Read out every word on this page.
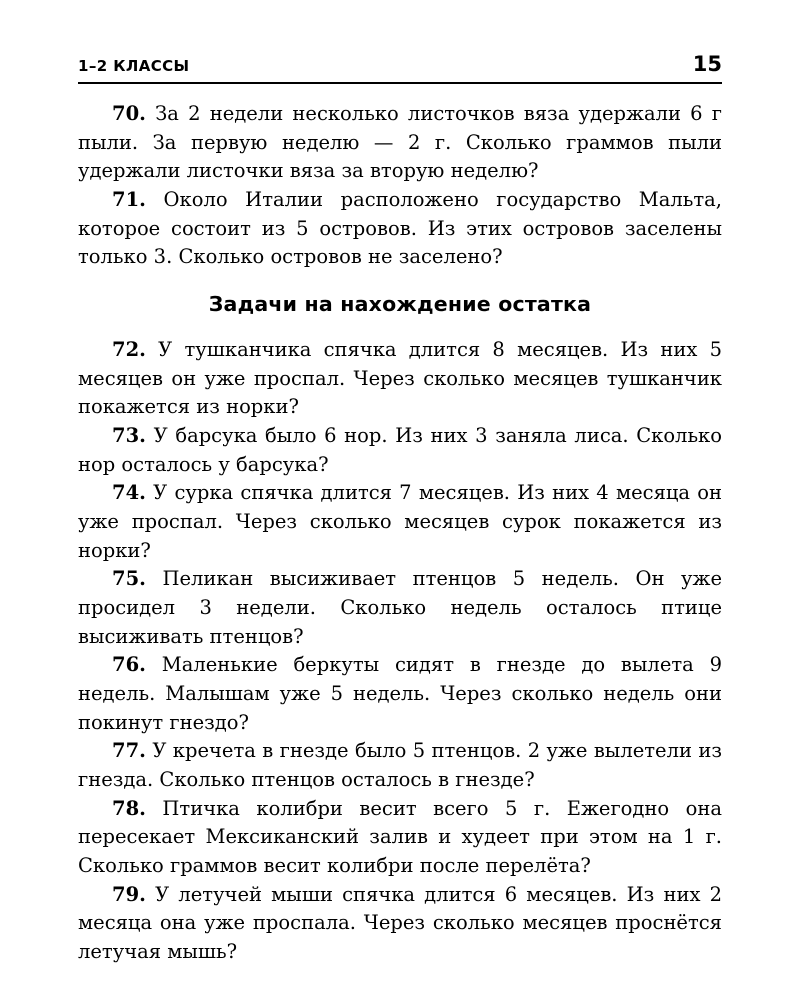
1–2 КЛАССЫ	15

70. За 2 недели несколько листочков вяза удержали 6 г пыли. За первую неделю — 2 г. Сколько граммов пыли удержали листочки вяза за вторую неделю?

71. Около Италии расположено государство Мальта, которое состоит из 5 островов. Из этих островов заселены только 3. Сколько островов не заселено?

Задачи на нахождение остатка

72. У тушканчика спячка длится 8 месяцев. Из них 5 месяцев он уже проспал. Через сколько месяцев тушканчик покажется из норки?

73. У барсука было 6 нор. Из них 3 заняла лиса. Сколько нор осталось у барсука?

74. У сурка спячка длится 7 месяцев. Из них 4 месяца он уже проспал. Через сколько месяцев сурок покажется из норки?

75. Пеликан высиживает птенцов 5 недель. Он уже просидел 3 недели. Сколько недель осталось птице высиживать птенцов?

76. Маленькие беркуты сидят в гнезде до вылета 9 недель. Малышам уже 5 недель. Через сколько недель они покинут гнездо?

77. У кречета в гнезде было 5 птенцов. 2 уже вылетели из гнезда. Сколько птенцов осталось в гнезде?

78. Птичка колибри весит всего 5 г. Ежегодно она пересекает Мексиканский залив и худеет при этом на 1 г. Сколько граммов весит колибри после перелёта?

79. У летучей мыши спячка длится 6 месяцев. Из них 2 месяца она уже проспала. Через сколько месяцев проснётся летучая мышь?
